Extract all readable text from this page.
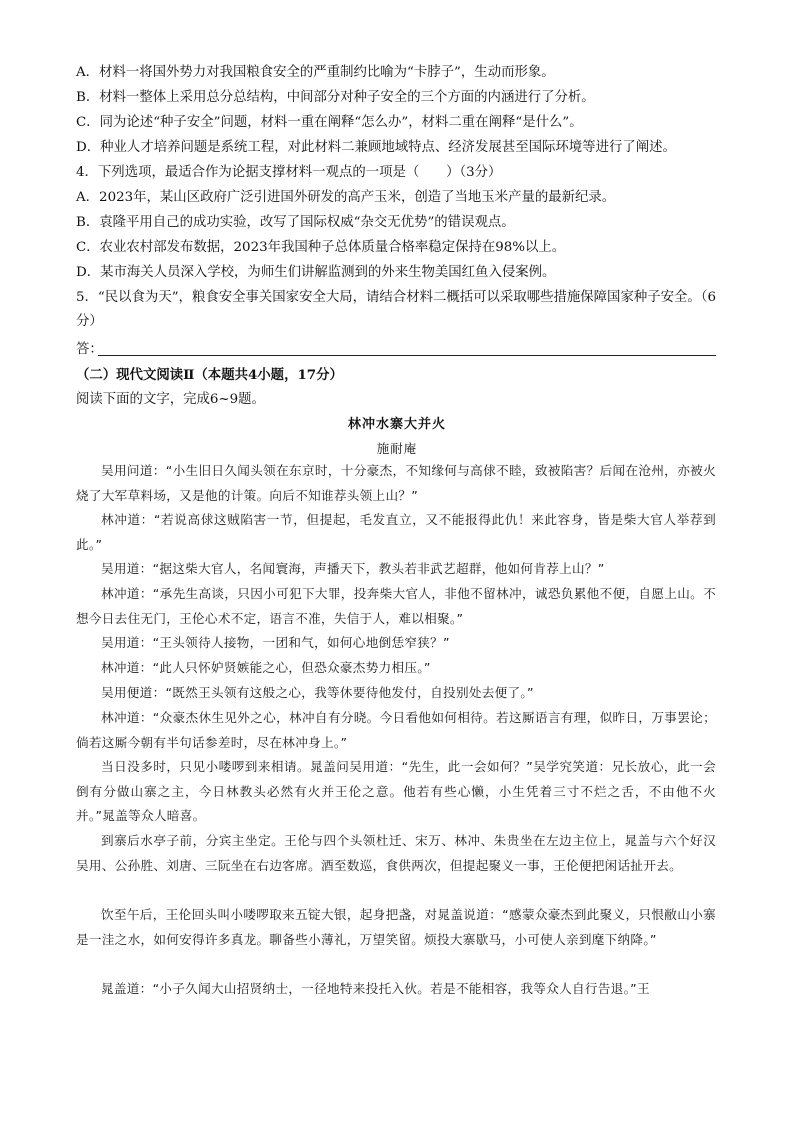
A．材料一将国外势力对我国粮食安全的严重制约比喻为“卡脖子”，生动而形象。
B．材料一整体上采用总分总结构，中间部分对种子安全的三个方面的内涵进行了分析。
C．同为论述“种子安全”问题，材料一重在阐释“怎么办”，材料二重在阐释“是什么”。
D．种业人才培养问题是系统工程，对此材料二兼顾地域特点、经济发展甚至国际环境等进行了阐述。
4．下列选项，最适合作为论据支撑材料一观点的一项是（　　）（3分）
A．2023年，某山区政府广泛引进国外研发的高产玉米，创造了当地玉米产量的最新纪录。
B．袁隆平用自己的成功实验，改写了国际权威“杂交无优势”的错误观点。
C．农业农村部发布数据，2023年我国种子总体质量合格率稳定保持在98%以上。
D．某市海关人员深入学校，为师生们讲解监测到的外来生物美国红鱼入侵案例。
5．“民以食为天”，粮食安全事关国家安全大局，请结合材料二概括可以采取哪些措施保障国家种子安全。（6分）
答：
（二）现代文阅读Ⅱ（本题共4小题，17分）
阅读下面的文字，完成6~9题。
林冲水寨大并火
施耐庵
吴用问道：“小生旧日久闻头领在东京时，十分豪杰，不知缘何与高俅不睦，致被陷害？后闻在沧州，亦被火烧了大军草料场，又是他的计策。向后不知谁荐头领上山？”
林冲道：“若说高俅这贼陷害一节，但提起，毛发直立，又不能报得此仇！来此容身，皆是柴大官人举荐到此。”
吴用道：“据这柴大官人，名闻寰海，声播天下，教头若非武艺超群，他如何肯荐上山？”
林冲道：“承先生高谈，只因小可犯下大罪，投奔柴大官人，非他不留林冲，诚恐负累他不便，自愿上山。不想今日去住无门，王伦心术不定，语言不准，失信于人，难以相聚。”
吴用道：“王头领待人接物，一团和气，如何心地倒恁窄狭？”
林冲道：“此人只怀妒贤嫉能之心，但恐众豪杰势力相压。”
吴用便道：“既然王头领有这般之心，我等休要待他发付，自投别处去便了。”
林冲道：“众豪杰休生见外之心，林冲自有分晓。今日看他如何相待。若这厮语言有理，似昨日，万事罢论；倘若这厮今朝有半句话参差时，尽在林冲身上。”
当日没多时，只见小喽啰到来相请。晁盖问吴用道：“先生，此一会如何？”吴学究笑道：兄长放心，此一会倒有分做山寨之主，今日林教头必然有火并王伦之意。他若有些心懒，小生凭着三寸不烂之舌，不由他不火并。”晁盖等众人暗喜。
到寨后水亭子前，分宾主坐定。王伦与四个头领杜迁、宋万、林冲、朱贵坐在左边主位上，晁盖与六个好汉吴用、公孙胜、刘唐、三阮坐在右边客席。酒至数巡，食供两次，但提起聚义一事，王伦便把闲话扯开去。
饮至午后，王伦回头叫小喽啰取来五锭大银，起身把盏，对晁盖说道：“感蒙众豪杰到此聚义，只恨敝山小寨是一洼之水，如何安得许多真龙。聊备些小薄礼，万望笑留。烦投大寨歇马，小可使人亲到麾下纳降。”
晁盖道：“小子久闻大山招贤纳士，一径地特来投托入伙。若是不能相容，我等众人自行告退。”王
